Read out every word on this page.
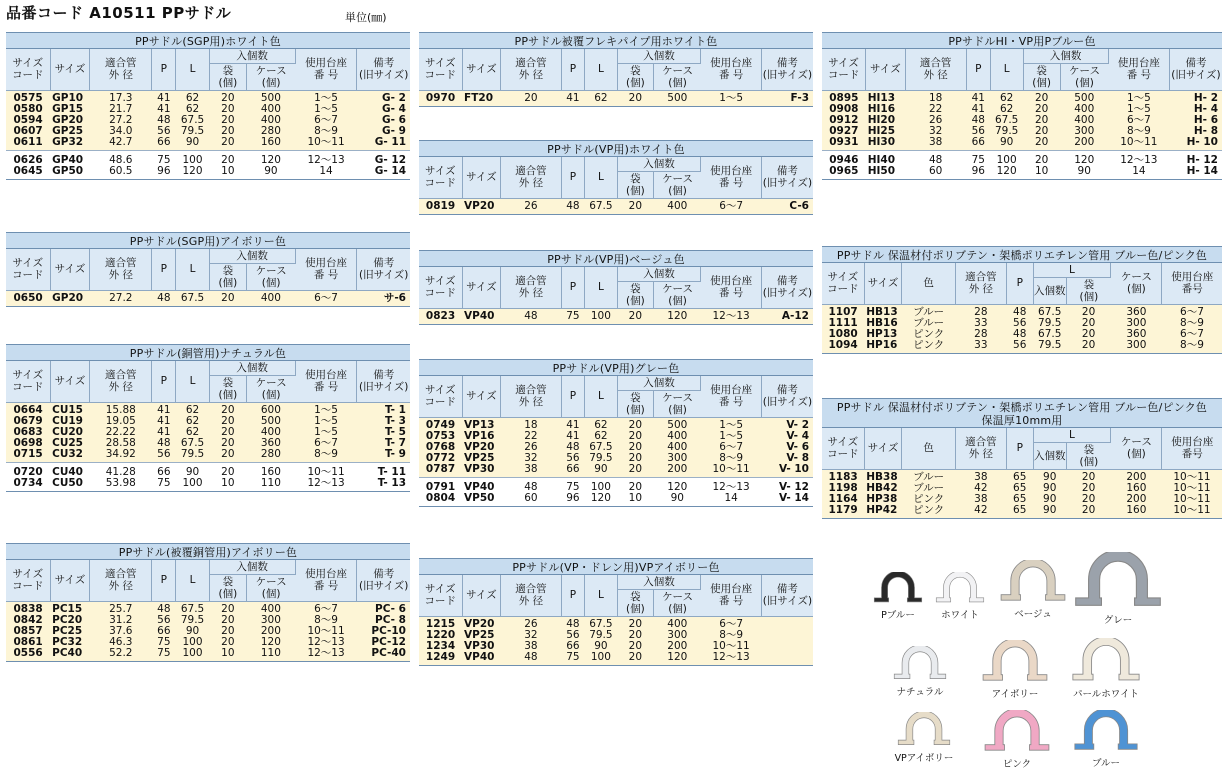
品番コード A10511 PPサドル	単位(㎜)
PPサドル(SGP用)ホワイト色
サイズ
コード	サイズ	適合管
外 径	P	L	入個数		使用台座
番 号	備考
(旧サイズ)
					袋
(個)	ケース
(個)		
0575	GP10	17.3	41	62	20	500	1〜5	G- 2
0580	GP15	21.7	41	62	20	400	1〜5	G- 4
0594	GP20	27.2	48	67.5	20	400	6〜7	G- 6
0607	GP25	34.0	56	79.5	20	280	8〜9	G- 9
0611	GP32	42.7	66	90	20	160	10〜11	G- 11

0626	GP40	48.6	75	100	20	120	12〜13	G- 12
0645	GP50	60.5	96	120	10	90	14	G- 14
PPサドル(SGP用)アイボリー色
サイズ
コード	サイズ	適合管
外 径	P	L	入個数		使用台座
番 号	備考
(旧サイズ)
					袋
(個)	ケース
(個)		
0650	GP20	27.2	48	67.5	20	400	6〜7	サ-6
PPサドル(銅管用)ナチュラル色
サイズ
コード	サイズ	適合管
外 径	P	L	入個数		使用台座
番 号	備考
(旧サイズ)
					袋
(個)	ケース
(個)		
0664	CU15	15.88	41	62	20	600	1〜5	T- 1
0679	CU19	19.05	41	62	20	500	1〜5	T- 3
0683	CU20	22.22	41	62	20	400	1〜5	T- 5
0698	CU25	28.58	48	67.5	20	360	6〜7	T- 7
0715	CU32	34.92	56	79.5	20	280	8〜9	T- 9

0720	CU40	41.28	66	90	20	160	10〜11	T- 11
0734	CU50	53.98	75	100	10	110	12〜13	T- 13
PPサドル(被覆銅管用)アイボリー色
サイズ
コード	サイズ	適合管
外 径	P	L	入個数		使用台座
番 号	備考
(旧サイズ)
					袋
(個)	ケース
(個)		
0838	PC15	25.7	48	67.5	20	400	6〜7	PC- 6
0842	PC20	31.2	56	79.5	20	300	8〜9	PC- 8
0857	PC25	37.6	66	90	20	200	10〜11	PC-10
0861	PC32	46.3	75	100	20	120	12〜13	PC-12
0556	PC40	52.2	75	100	10	110	12〜13	PC-40
PPサドル被覆フレキパイプ用ホワイト色
サイズ
コード	サイズ	適合管
外 径	P	L	入個数		使用台座
番 号	備考
(旧サイズ)
					袋
(個)	ケース
(個)		
0970	FT20	20	41	62	20	500	1〜5	F-3
PPサドル(VP用)ホワイト色
サイズ
コード	サイズ	適合管
外 径	P	L	入個数		使用台座
番 号	備考
(旧サイズ)
					袋
(個)	ケース
(個)		
0819	VP20	26	48	67.5	20	400	6〜7	C-6
PPサドル(VP用)ベージュ色
サイズ
コード	サイズ	適合管
外 径	P	L	入個数		使用台座
番 号	備考
(旧サイズ)
					袋
(個)	ケース
(個)		
0823	VP40	48	75	100	20	120	12〜13	A-12
PPサドル(VP用)グレー色
サイズ
コード	サイズ	適合管
外 径	P	L	入個数		使用台座
番 号	備考
(旧サイズ)
					袋
(個)	ケース
(個)		
0749	VP13	18	41	62	20	500	1〜5	V- 2
0753	VP16	22	41	62	20	400	1〜5	V- 4
0768	VP20	26	48	67.5	20	400	6〜7	V- 6
0772	VP25	32	56	79.5	20	300	8〜9	V- 8
0787	VP30	38	66	90	20	200	10〜11	V- 10

0791	VP40	48	75	100	20	120	12〜13	V- 12
0804	VP50	60	96	120	10	90	14	V- 14
PPサドル(VP・ドレン用)VPアイボリー色
サイズ
コード	サイズ	適合管
外 径	P	L	入個数		使用台座
番 号	備考
(旧サイズ)
					袋
(個)	ケース
(個)		
1215	VP20	26	48	67.5	20	400	6〜7	
1220	VP25	32	56	79.5	20	300	8〜9	
1234	VP30	38	66	90	20	200	10〜11	
1249	VP40	48	75	100	20	120	12〜13	
PPサドルHI・VP用Pブルー色
サイズ
コード	サイズ	適合管
外 径	P	L	入個数		使用台座
番 号	備考
(旧サイズ)
					袋
(個)	ケース
(個)		
0895	HI13	18	41	62	20	500	1〜5	H- 2
0908	HI16	22	41	62	20	400	1〜5	H- 4
0912	HI20	26	48	67.5	20	400	6〜7	H- 6
0927	HI25	32	56	79.5	20	300	8〜9	H- 8
0931	HI30	38	66	90	20	200	10〜11	H- 10

0946	HI40	48	75	100	20	120	12〜13	H- 12
0965	HI50	60	96	120	10	90	14	H- 14
PPサドル 保温材付ポリブテン・架橋ポリエチレン管用 ブルー色/ピンク色
サイズ
コード	サイズ	色	適合管
外 径	P	L		ケース
(個)	使用台座
番号
					入個数	袋
(個)		
1107	HB13	ブルー	28	48	67.5	20	360	6〜7
1111	HB16	ブルー	33	56	79.5	20	300	8〜9
1080	HP13	ピンク	28	48	67.5	20	360	6〜7
1094	HP16	ピンク	33	56	79.5	20	300	8〜9
PPサドル 保温材付ポリブテン・架橋ポリエチレン管用 ブルー色/ピンク色
保温厚10mm用
サイズ
コード	サイズ	色	適合管
外 径	P	L		ケース
(個)	使用台座
番号
					入個数	袋
(個)		
1183	HB38	ブルー	38	65	90	20	200	10〜11
1198	HB42	ブルー	42	65	90	20	160	10〜11
1164	HP38	ピンク	38	65	90	20	200	10〜11
1179	HP42	ピンク	42	65	90	20	160	10〜11
Pブルー	ホワイト	ベージュ
グレー
ナチュラル	アイボリー	パールホワイト
VPアイボリー
ピンク	ブルー
